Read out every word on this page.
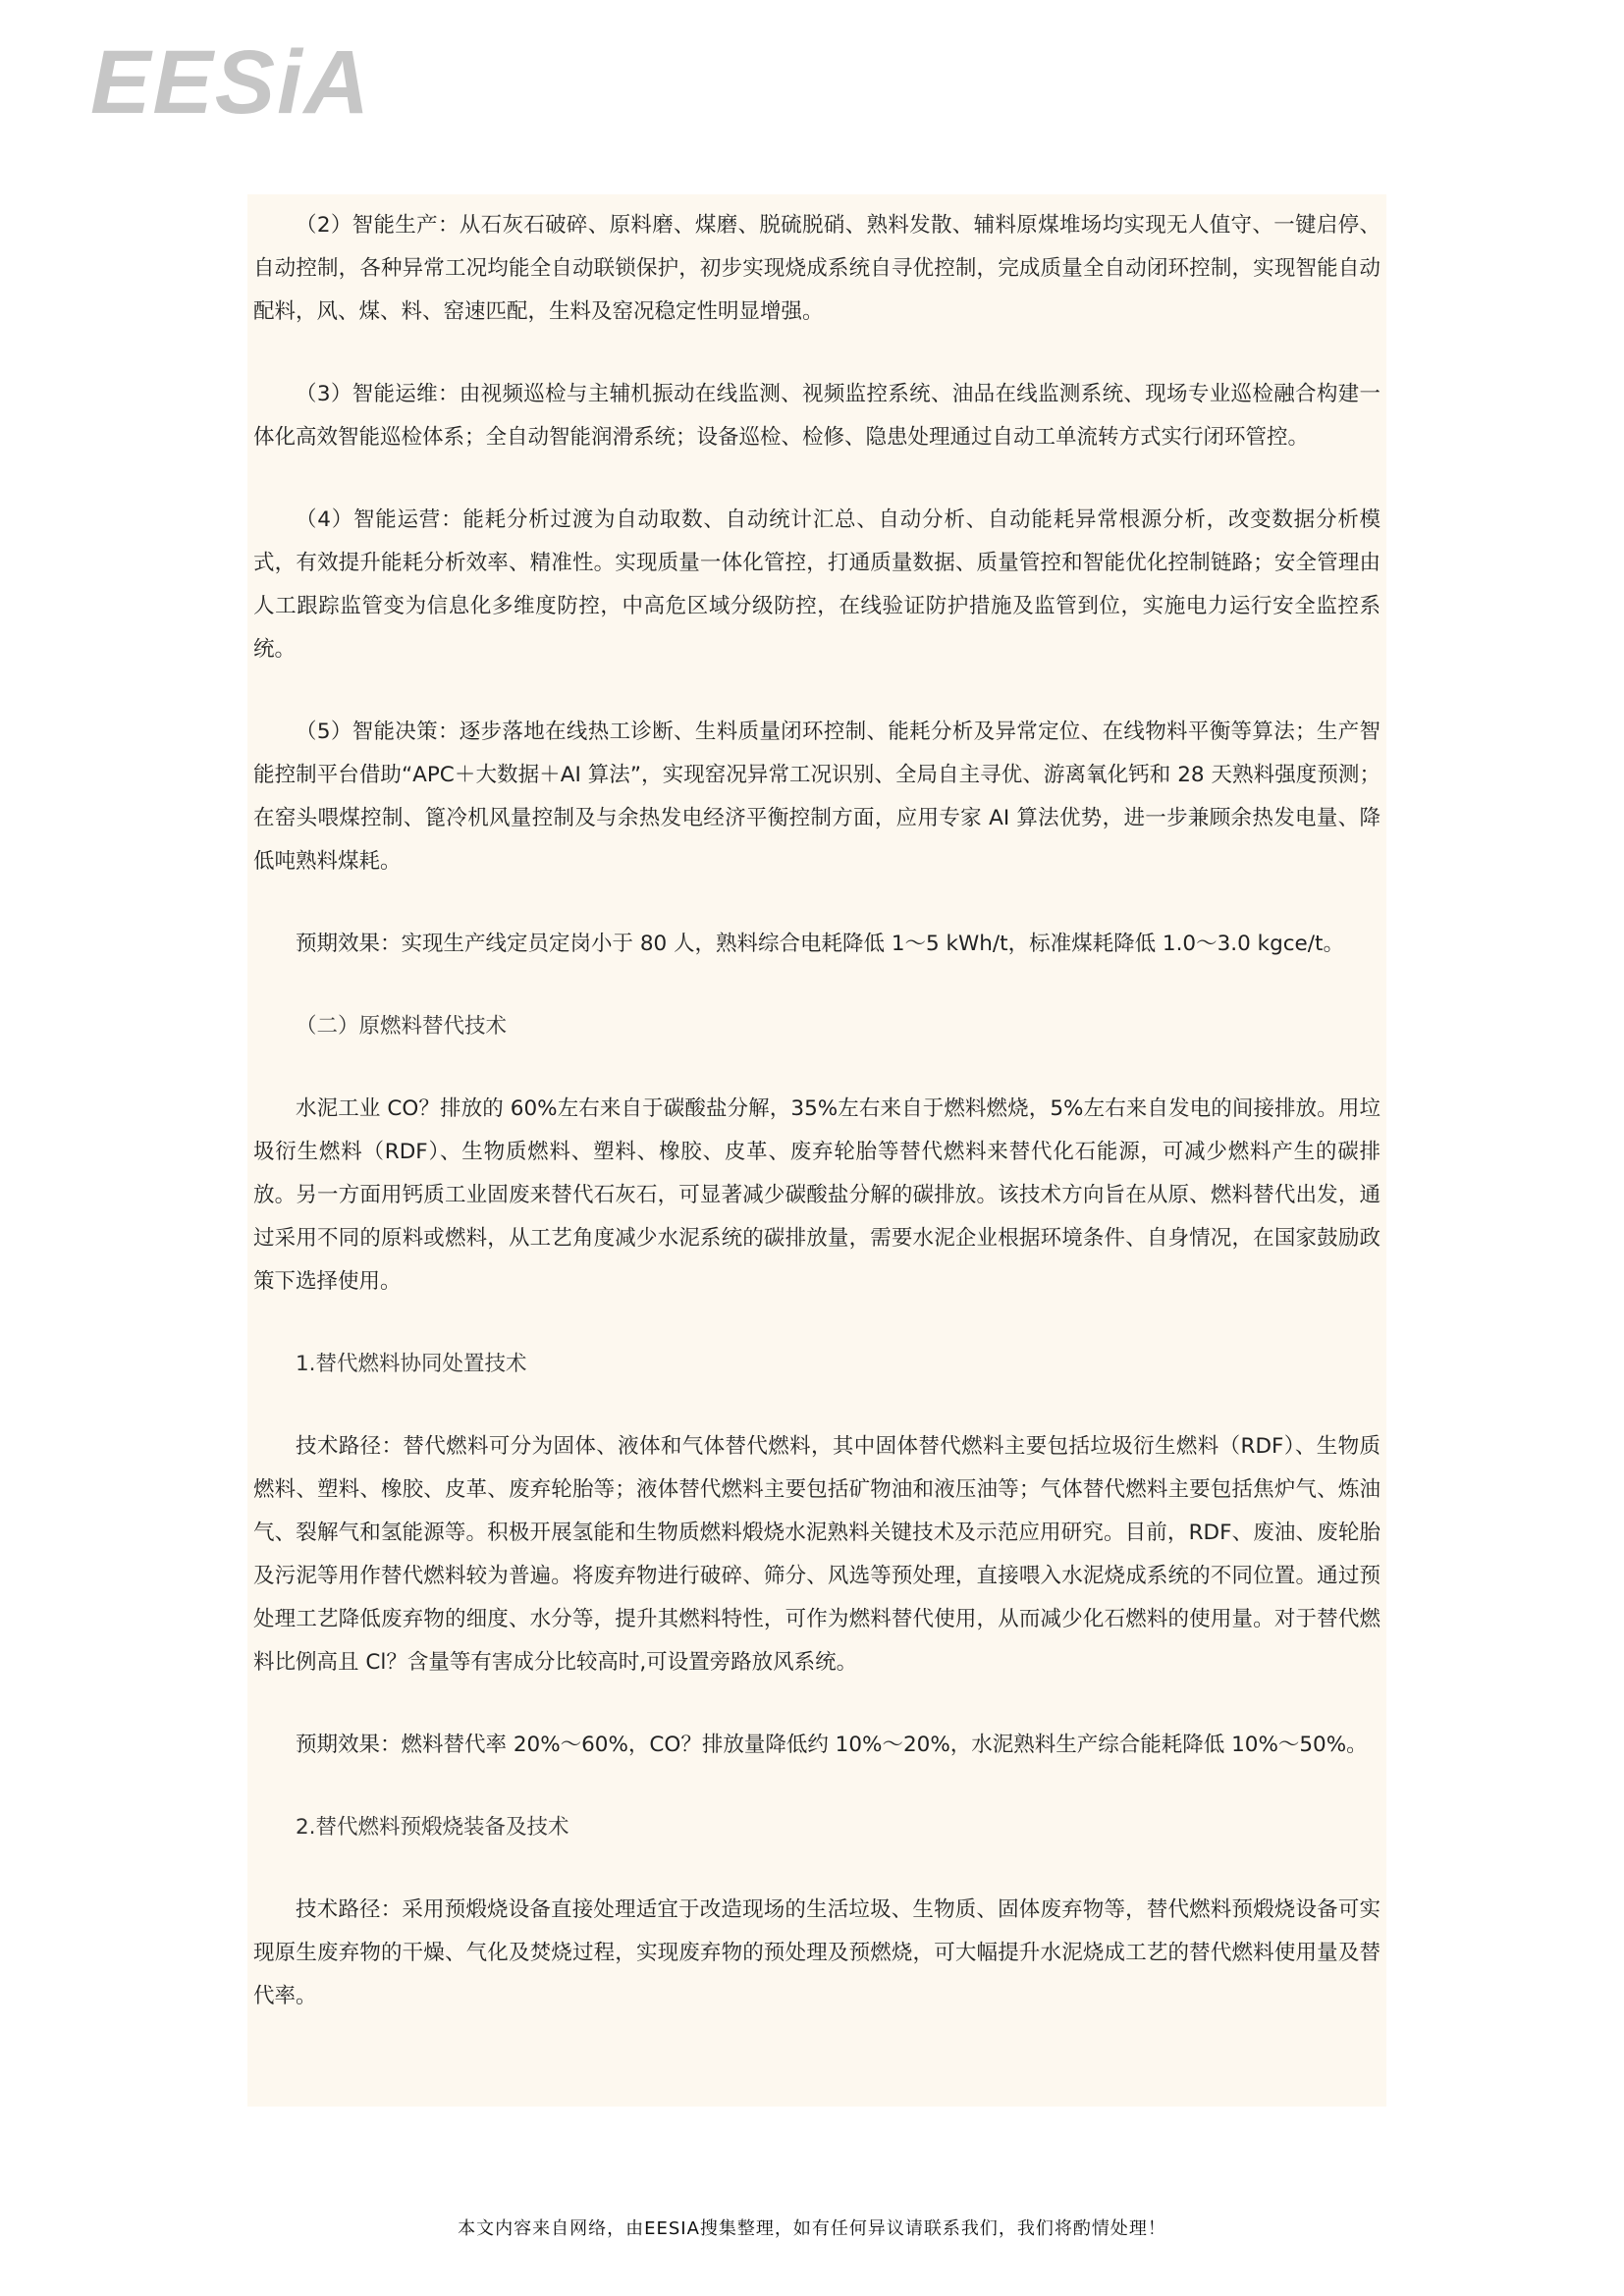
EESiA

（2）智能生产：从石灰石破碎、原料磨、煤磨、脱硫脱硝、熟料发散、辅料原煤堆场均实现无人值守、一键启停、自动控制，各种异常工况均能全自动联锁保护，初步实现烧成系统自寻优控制，完成质量全自动闭环控制，实现智能自动配料，风、煤、料、窑速匹配，生料及窑况稳定性明显增强。

（3）智能运维：由视频巡检与主辅机振动在线监测、视频监控系统、油品在线监测系统、现场专业巡检融合构建一体化高效智能巡检体系；全自动智能润滑系统；设备巡检、检修、隐患处理通过自动工单流转方式实行闭环管控。

（4）智能运营：能耗分析过渡为自动取数、自动统计汇总、自动分析、自动能耗异常根源分析，改变数据分析模式，有效提升能耗分析效率、精准性。实现质量一体化管控，打通质量数据、质量管控和智能优化控制链路；安全管理由人工跟踪监管变为信息化多维度防控，中高危区域分级防控，在线验证防护措施及监管到位，实施电力运行安全监控系统。

（5）智能决策：逐步落地在线热工诊断、生料质量闭环控制、能耗分析及异常定位、在线物料平衡等算法；生产智能控制平台借助“APC＋大数据＋AI 算法”，实现窑况异常工况识别、全局自主寻优、游离氧化钙和 28 天熟料强度预测；在窑头喂煤控制、篦冷机风量控制及与余热发电经济平衡控制方面，应用专家 AI 算法优势，进一步兼顾余热发电量、降低吨熟料煤耗。

预期效果：实现生产线定员定岗小于 80 人，熟料综合电耗降低 1～5 kWh/t，标准煤耗降低 1.0～3.0 kgce/t。

（二）原燃料替代技术

水泥工业 CO？排放的 60%左右来自于碳酸盐分解，35%左右来自于燃料燃烧，5%左右来自发电的间接排放。用垃圾衍生燃料（RDF）、生物质燃料、塑料、橡胶、皮革、废弃轮胎等替代燃料来替代化石能源，可减少燃料产生的碳排放。另一方面用钙质工业固废来替代石灰石，可显著减少碳酸盐分解的碳排放。该技术方向旨在从原、燃料替代出发，通过采用不同的原料或燃料，从工艺角度减少水泥系统的碳排放量，需要水泥企业根据环境条件、自身情况，在国家鼓励政策下选择使用。

1.替代燃料协同处置技术

技术路径：替代燃料可分为固体、液体和气体替代燃料，其中固体替代燃料主要包括垃圾衍生燃料（RDF）、生物质燃料、塑料、橡胶、皮革、废弃轮胎等；液体替代燃料主要包括矿物油和液压油等；气体替代燃料主要包括焦炉气、炼油气、裂解气和氢能源等。积极开展氢能和生物质燃料煅烧水泥熟料关键技术及示范应用研究。目前，RDF、废油、废轮胎及污泥等用作替代燃料较为普遍。将废弃物进行破碎、筛分、风选等预处理，直接喂入水泥烧成系统的不同位置。通过预处理工艺降低废弃物的细度、水分等，提升其燃料特性，可作为燃料替代使用，从而减少化石燃料的使用量。对于替代燃料比例高且 Cl？含量等有害成分比较高时,可设置旁路放风系统。

预期效果：燃料替代率 20%～60%，CO？排放量降低约 10%～20%，水泥熟料生产综合能耗降低 10%～50%。

2.替代燃料预煅烧装备及技术

技术路径：采用预煅烧设备直接处理适宜于改造现场的生活垃圾、生物质、固体废弃物等，替代燃料预煅烧设备可实现原生废弃物的干燥、气化及焚烧过程，实现废弃物的预处理及预燃烧，可大幅提升水泥烧成工艺的替代燃料使用量及替代率。

本文内容来自网络，由EESIA搜集整理，如有任何异议请联系我们，我们将酌情处理！
